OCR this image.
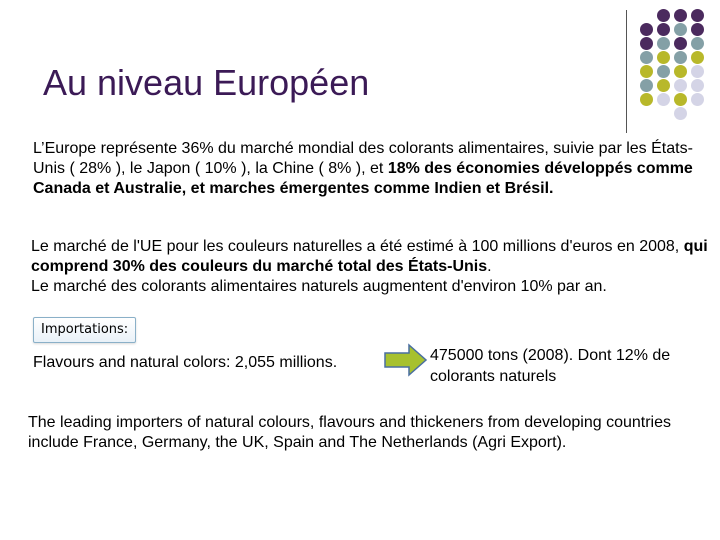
Au niveau Européen
L’Europe représente 36% du marché mondial des colorants alimentaires, suivie par les États-Unis ( 28% ), le Japon ( 10% ), la Chine ( 8% ), et 18% des économies développés comme Canada et Australie, et marches émergentes comme Indien et Brésil.
Le marché de l'UE pour les couleurs naturelles a été estimé à 100 millions d'euros en 2008, qui comprend 30% des couleurs du marché total des États-Unis.
Le marché des colorants alimentaires naturels augmentent d'environ 10% par an.
Importations:
Flavours and natural colors: 2,055 millions.	475000 tons (2008). Dont 12% de colorants naturels
The leading importers of natural colours, flavours and thickeners from developing countries include France, Germany, the UK, Spain and The Netherlands (Agri Export).
